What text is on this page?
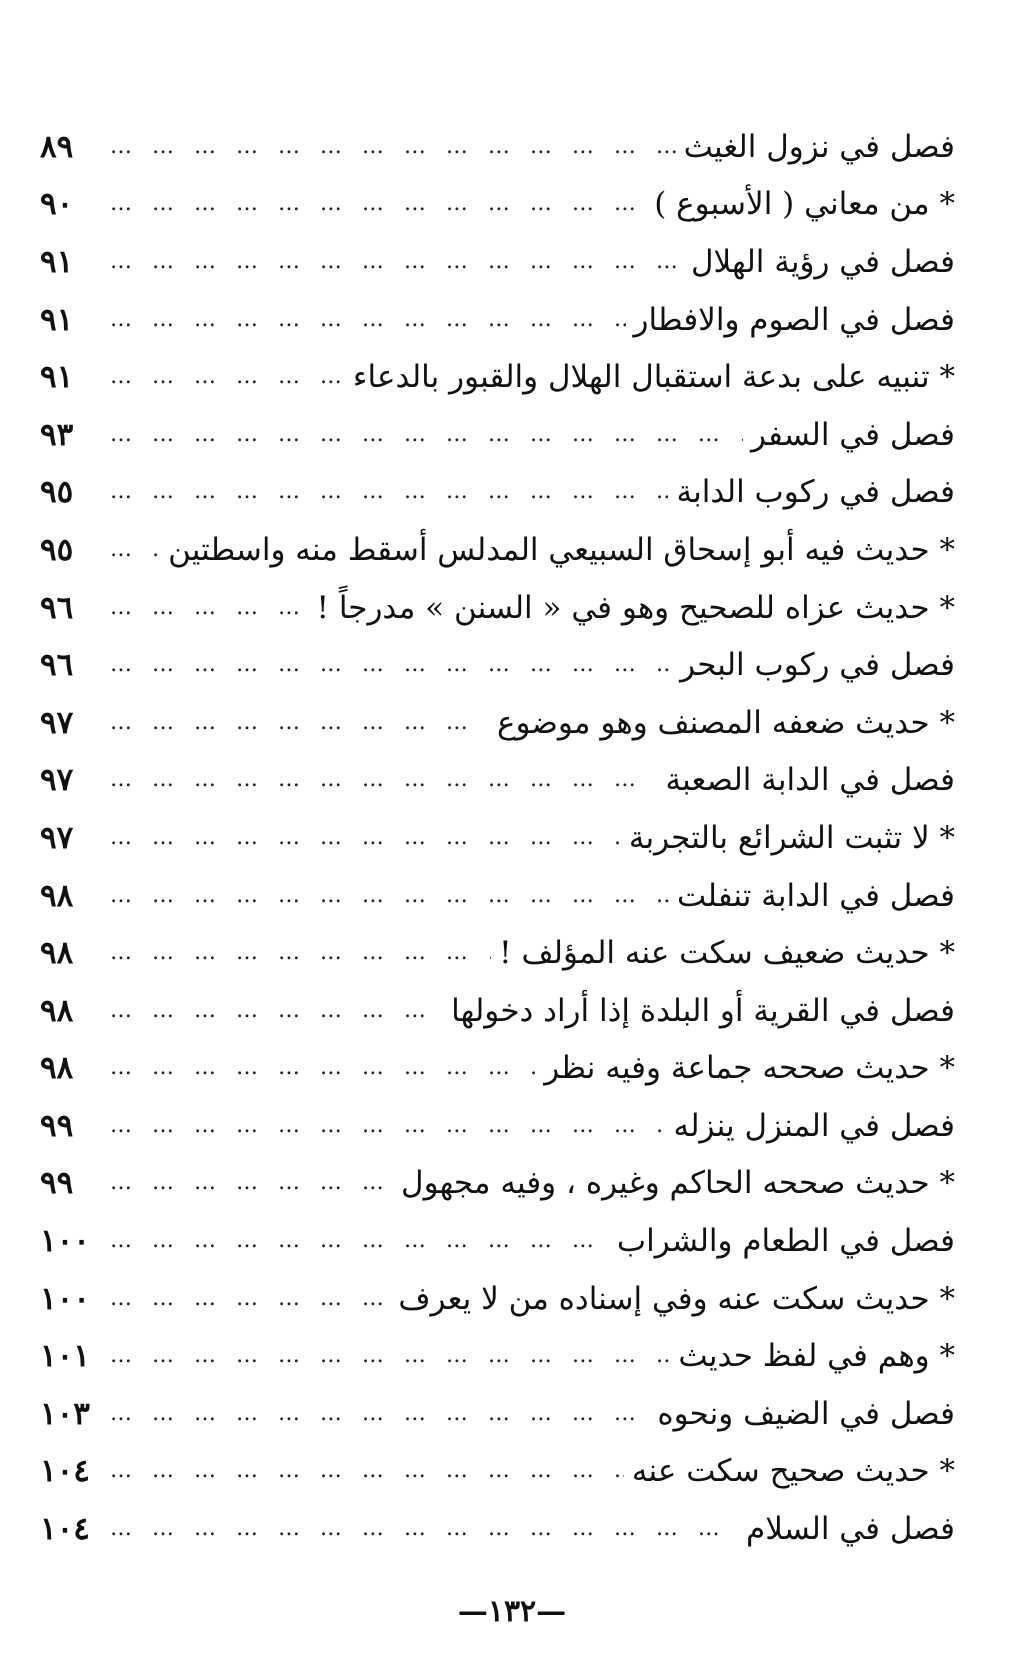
فصل في نزول الغيث
… … … … … … … … … … … … … … … … … … … … … … … …
٨٩
* من معاني ( الأسبوع )
… … … … … … … … … … … … … … … … … … … … … … … …
٩٠
فصل في رؤية الهلال
… … … … … … … … … … … … … … … … … … … … … … … …
٩١
فصل في الصوم والافطار
… … … … … … … … … … … … … … … … … … … … … … … …
٩١
* تنبيه على بدعة استقبال الهلال والقبور بالدعاء
… … … … … … … … … … … … … … … … … … … … … … … …
٩١
فصل في السفر
… … … … … … … … … … … … … … … … … … … … … … … …
٩٣
فصل في ركوب الدابة
… … … … … … … … … … … … … … … … … … … … … … … …
٩٥
* حديث فيه أبو إسحاق السبيعي المدلس أسقط منه واسطتين
… … … … … … … … … … … … … … … … … … … … … … … …
٩٥
* حديث عزاه للصحيح وهو في « السنن » مدرجاً !
… … … … … … … … … … … … … … … … … … … … … … … …
٩٦
فصل في ركوب البحر
… … … … … … … … … … … … … … … … … … … … … … … …
٩٦
* حديث ضعفه المصنف وهو موضوع
… … … … … … … … … … … … … … … … … … … … … … … …
٩٧
فصل في الدابة الصعبة
… … … … … … … … … … … … … … … … … … … … … … … …
٩٧
* لا تثبت الشرائع بالتجربة
… … … … … … … … … … … … … … … … … … … … … … … …
٩٧
فصل في الدابة تنفلت
… … … … … … … … … … … … … … … … … … … … … … … …
٩٨
* حديث ضعيف سكت عنه المؤلف !
… … … … … … … … … … … … … … … … … … … … … … … …
٩٨
فصل في القرية أو البلدة إذا أراد دخولها
… … … … … … … … … … … … … … … … … … … … … … … …
٩٨
* حديث صححه جماعة وفيه نظر
… … … … … … … … … … … … … … … … … … … … … … … …
٩٨
فصل في المنزل ينزله
… … … … … … … … … … … … … … … … … … … … … … … …
٩٩
* حديث صححه الحاكم وغيره ، وفيه مجهول
… … … … … … … … … … … … … … … … … … … … … … … …
٩٩
فصل في الطعام والشراب
… … … … … … … … … … … … … … … … … … … … … … … …
١٠٠
* حديث سكت عنه وفي إسناده من لا يعرف
… … … … … … … … … … … … … … … … … … … … … … … …
١٠٠
* وهم في لفظ حديث
… … … … … … … … … … … … … … … … … … … … … … … …
١٠١
فصل في الضيف ونحوه
… … … … … … … … … … … … … … … … … … … … … … … …
١٠٣
* حديث صحيح سكت عنه
… … … … … … … … … … … … … … … … … … … … … … … …
١٠٤
فصل في السلام
… … … … … … … … … … … … … … … … … … … … … … … …
١٠٤
—١٣٢—
